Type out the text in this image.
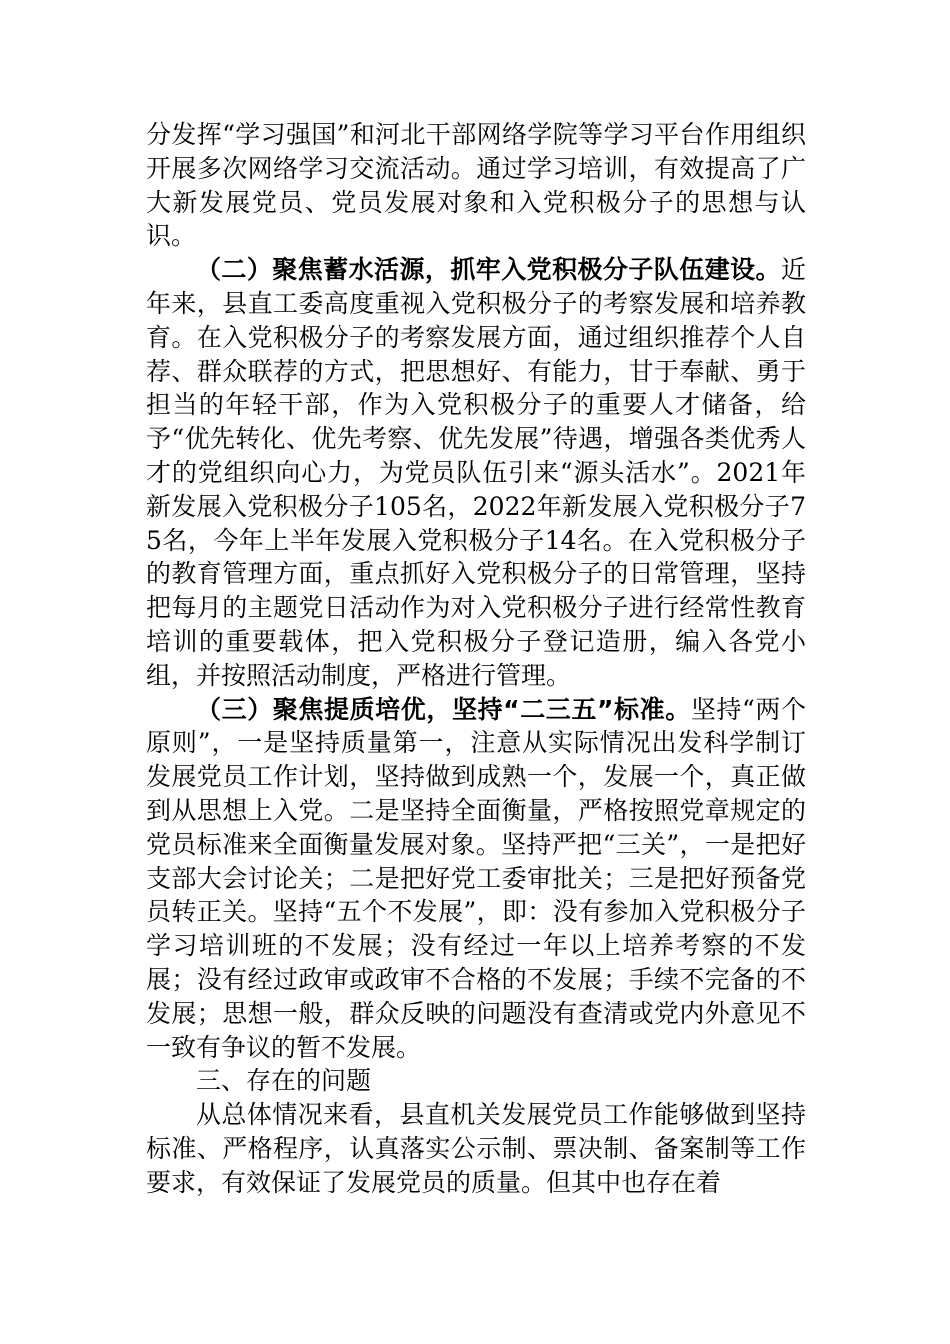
分发挥“学习强国”和河北干部网络学院等学习平台作用组织开展多次网络学习交流活动。通过学习培训，有效提高了广大新发展党员、党员发展对象和入党积极分子的思想与认识。

（二）聚焦蓄水活源，抓牢入党积极分子队伍建设。近年来，县直工委高度重视入党积极分子的考察发展和培养教育。在入党积极分子的考察发展方面，通过组织推荐个人自荐、群众联荐的方式，把思想好、有能力，甘于奉献、勇于担当的年轻干部，作为入党积极分子的重要人才储备，给予“优先转化、优先考察、优先发展”待遇，增强各类优秀人才的党组织向心力，为党员队伍引来“源头活水”。2021年新发展入党积极分子105名，2022年新发展入党积极分子75名，今年上半年发展入党积极分子14名。在入党积极分子的教育管理方面，重点抓好入党积极分子的日常管理，坚持把每月的主题党日活动作为对入党积极分子进行经常性教育培训的重要载体，把入党积极分子登记造册，编入各党小组，并按照活动制度，严格进行管理。

（三）聚焦提质培优，坚持“二三五”标准。坚持“两个原则”，一是坚持质量第一，注意从实际情况出发科学制订发展党员工作计划，坚持做到成熟一个，发展一个，真正做到从思想上入党。二是坚持全面衡量，严格按照党章规定的党员标准来全面衡量发展对象。坚持严把“三关”，一是把好支部大会讨论关；二是把好党工委审批关；三是把好预备党员转正关。坚持“五个不发展”，即：没有参加入党积极分子学习培训班的不发展；没有经过一年以上培养考察的不发展；没有经过政审或政审不合格的不发展；手续不完备的不发展；思想一般，群众反映的问题没有查清或党内外意见不一致有争议的暂不发展。

三、存在的问题

从总体情况来看，县直机关发展党员工作能够做到坚持标准、严格程序，认真落实公示制、票决制、备案制等工作要求，有效保证了发展党员的质量。但其中也存在着
